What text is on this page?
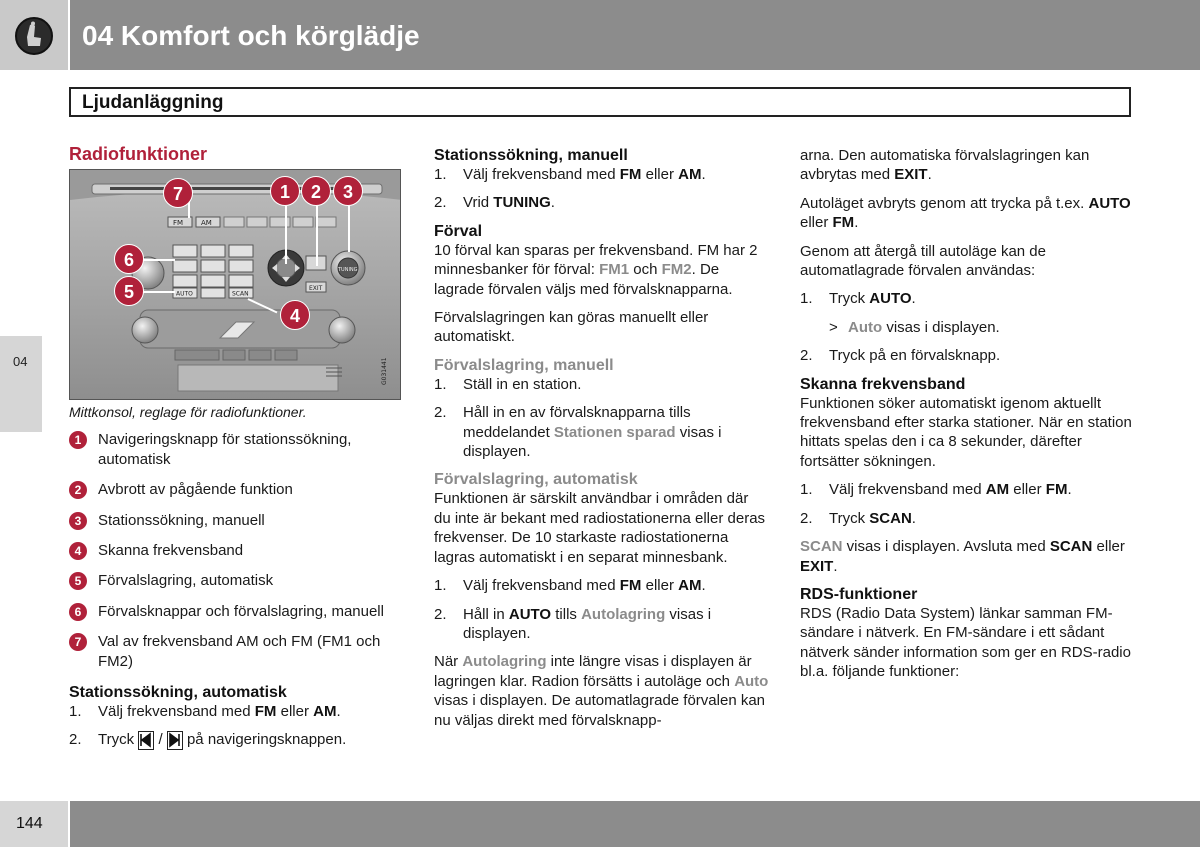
04 Komfort och körglädje
Ljudanläggning
04
Radiofunktioner
FM	AM
AUTO	SCAN
EXIT
TUNING
G031441
7	1	2	3
6
5
4
Mittkonsol, reglage för radiofunktioner.
1	Navigeringsknapp för stationssökning, automatisk
2	Avbrott av pågående funktion
3	Stationssökning, manuell
4	Skanna frekvensband
5	Förvalslagring, automatisk
6	Förvalsknappar och förvalslagring, manuell
7	Val av frekvensband AM och FM (FM1 och FM2)
Stationssökning, automatisk
1. Välj frekvensband med FM eller AM.
2. Tryck  /  på navigeringsknappen.
Stationssökning, manuell
1. Välj frekvensband med FM eller AM.
2. Vrid TUNING.
Förval

10 förval kan sparas per frekvensband. FM har 2 minnesbanker för förval: FM1 och FM2. De lagrade förvalen väljs med förvalsknapparna.

Förvalslagringen kan göras manuellt eller automatiskt.

Förvalslagring, manuell
1. Ställ in en station.
2. Håll in en av förvalsknapparna tills meddelandet Stationen sparad visas i displayen.
Förvalslagring, automatisk

Funktionen är särskilt användbar i områden där du inte är bekant med radiostationerna eller deras frekvenser. De 10 starkaste radiostationerna lagras automatiskt i en separat minnesbank.

1. Välj frekvensband med FM eller AM.
2. Håll in AUTO tills Autolagring visas i displayen.

När Autolagring inte längre visas i displayen är lagringen klar. Radion försätts i autoläge och Auto visas i displayen. De automatlagrade förvalen kan nu väljas direkt med förvalsknapp-

arna. Den automatiska förvalslagringen kan avbrytas med EXIT.

Autoläget avbryts genom att trycka på t.ex. AUTO eller FM.

Genom att återgå till autoläge kan de automatlagrade förvalen användas:

1. Tryck AUTO.
> Auto visas i displayen.
2. Tryck på en förvalsknapp.
Skanna frekvensband

Funktionen söker automatiskt igenom aktuellt frekvensband efter starka stationer. När en station hittats spelas den i ca 8 sekunder, därefter fortsätter sökningen.

1. Välj frekvensband med AM eller FM.
2. Tryck SCAN.

SCAN visas i displayen. Avsluta med SCAN eller EXIT.

RDS-funktioner

RDS (Radio Data System) länkar samman FM-sändare i nätverk. En FM-sändare i ett sådant nätverk sänder information som ger en RDS-radio bl.a. följande funktioner:

144
